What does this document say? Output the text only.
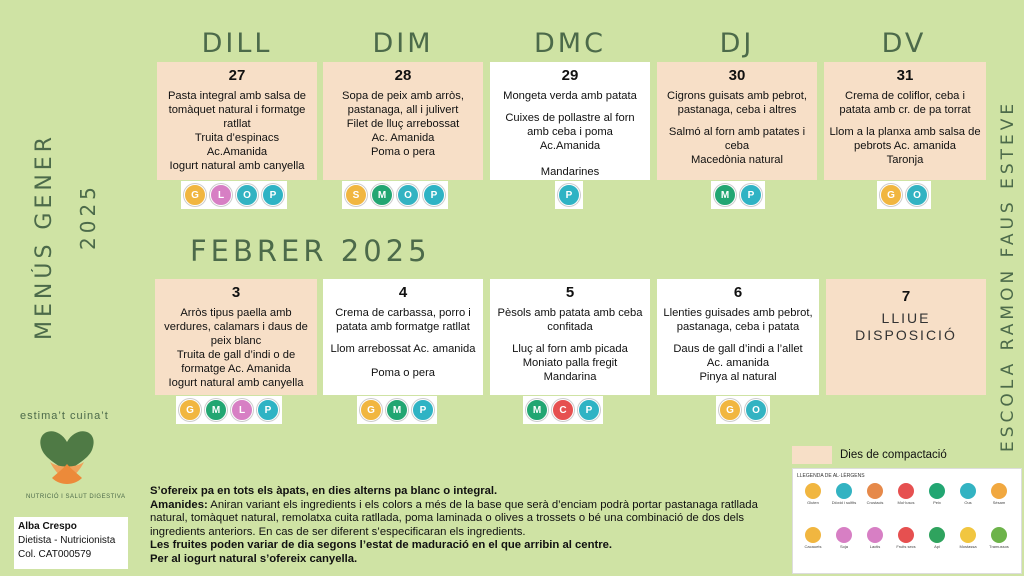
MENÚS GENER 2025	ESCOLA RAMON FAUS ESTEVE
DILL	DIM	DMC	DJ	DV
27
Pasta integral amb salsa de tomàquet natural i formatge ratllat
Truita d’espinacs
Ac.Amanida
Iogurt natural amb canyella
28
Sopa de peix amb arròs, pastanaga, all i julivert
Filet de lluç arrebossat
Ac. Amanida
Poma o pera
29
Mongeta verda amb patata
Cuixes de pollastre al forn amb ceba i poma
Ac.Amanida
Mandarines
30
Cigrons guisats amb pebrot, pastanaga, ceba i altres
Salmó al forn amb patates i ceba
Macedònia natural
31
Crema de coliflor, ceba i patata amb cr. de pa torrat
Llom a la planxa amb salsa de pebrots Ac. amanida
Taronja
G	L	O	P	S	M	O	P	P	M	P	G	O
FEBRER 2025
3
Arròs tipus paella amb verdures, calamars i daus de peix blanc
Truita de gall d’indi o de formatge Ac. Amanida
Iogurt natural amb canyella
4
Crema de carbassa, porro i patata amb formatge ratllat
Llom arrebossat Ac. amanida
Poma o pera
5
Pèsols amb patata amb ceba confitada
Lluç al forn amb picada
Moniato palla fregit
Mandarina
6
Llenties guisades amb pebrot, pastanaga, ceba i patata
Daus de gall d’indi a l’allet
Ac. amanida
Pinya al natural
7
LLIUE
DISPOSICIÓ
G	M	L	P	G	M	P	M	C	P	G	O
estima’t cuina’t
NUTRICIÓ I SALUT DIGESTIVA
Alba Crespo
Dietista - Nutricionista
Col. CAT000579
S’ofereix pa en tots els àpats, en dies alterns pa blanc o integral.
Amanides: Aniran variant els ingredients i els colors a més de la base que serà d’enciam podrà portar pastanaga ratllada natural, tomàquet natural, remolatxa cuita ratllada, poma laminada o olives a trossets o bé una combinació de dos dels ingredients anteriors. En cas de ser diferent s’especificaran els ingredients.
Les fruites poden variar de dia segons l’estat de maduració en el que arribin al centre.
Per al iogurt natural s’ofereix canyella.
Dies de compactació
LLEGENDA DE AL·LÈRGENS
Gluten	Diòxid i sulfits	Crustacis	Mol·luscs	Peix	Ous	Sèsam
Cacauets	Soja	Lactis	Fruits secs	Api	Mostassa	Tramussos
